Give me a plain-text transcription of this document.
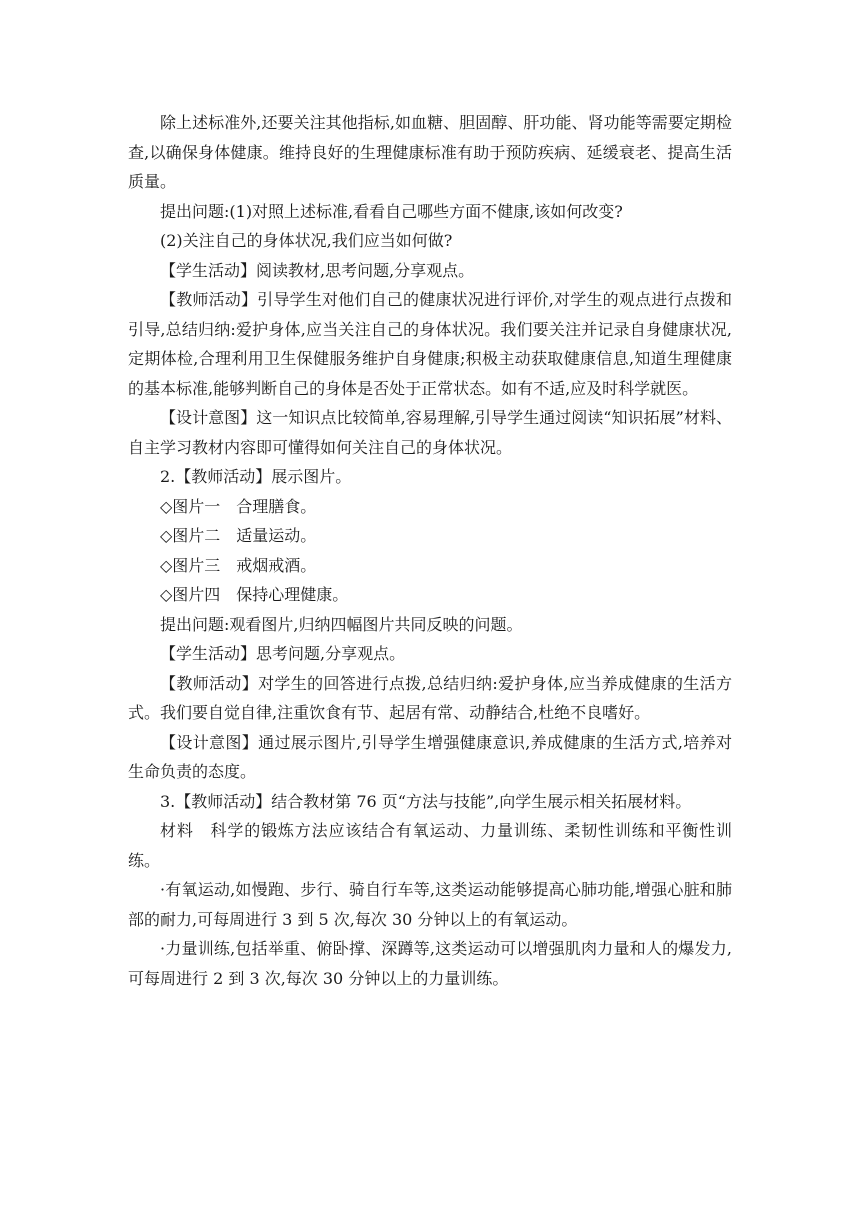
除上述标准外,还要关注其他指标,如血糖、胆固醇、肝功能、肾功能等需要定期检查,以确保身体健康。维持良好的生理健康标准有助于预防疾病、延缓衰老、提高生活质量。

提出问题:(1)对照上述标准,看看自己哪些方面不健康,该如何改变?

(2)关注自己的身体状况,我们应当如何做?

【学生活动】阅读教材,思考问题,分享观点。

【教师活动】引导学生对他们自己的健康状况进行评价,对学生的观点进行点拨和引导,总结归纳:爱护身体,应当关注自己的身体状况。我们要关注并记录自身健康状况,定期体检,合理利用卫生保健服务维护自身健康;积极主动获取健康信息,知道生理健康的基本标准,能够判断自己的身体是否处于正常状态。如有不适,应及时科学就医。

【设计意图】这一知识点比较简单,容易理解,引导学生通过阅读“知识拓展”材料、自主学习教材内容即可懂得如何关注自己的身体状况。

2.【教师活动】展示图片。

◇图片一　合理膳食。

◇图片二　适量运动。

◇图片三　戒烟戒酒。

◇图片四　保持心理健康。

提出问题:观看图片,归纳四幅图片共同反映的问题。

【学生活动】思考问题,分享观点。

【教师活动】对学生的回答进行点拨,总结归纳:爱护身体,应当养成健康的生活方式。我们要自觉自律,注重饮食有节、起居有常、动静结合,杜绝不良嗜好。

【设计意图】通过展示图片,引导学生增强健康意识,养成健康的生活方式,培养对生命负责的态度。

3.【教师活动】结合教材第 76 页“方法与技能”,向学生展示相关拓展材料。

材料　科学的锻炼方法应该结合有氧运动、力量训练、柔韧性训练和平衡性训练。

·有氧运动,如慢跑、步行、骑自行车等,这类运动能够提高心肺功能,增强心脏和肺部的耐力,可每周进行 3 到 5 次,每次 30 分钟以上的有氧运动。

·力量训练,包括举重、俯卧撑、深蹲等,这类运动可以增强肌肉力量和人的爆发力,可每周进行 2 到 3 次,每次 30 分钟以上的力量训练。
